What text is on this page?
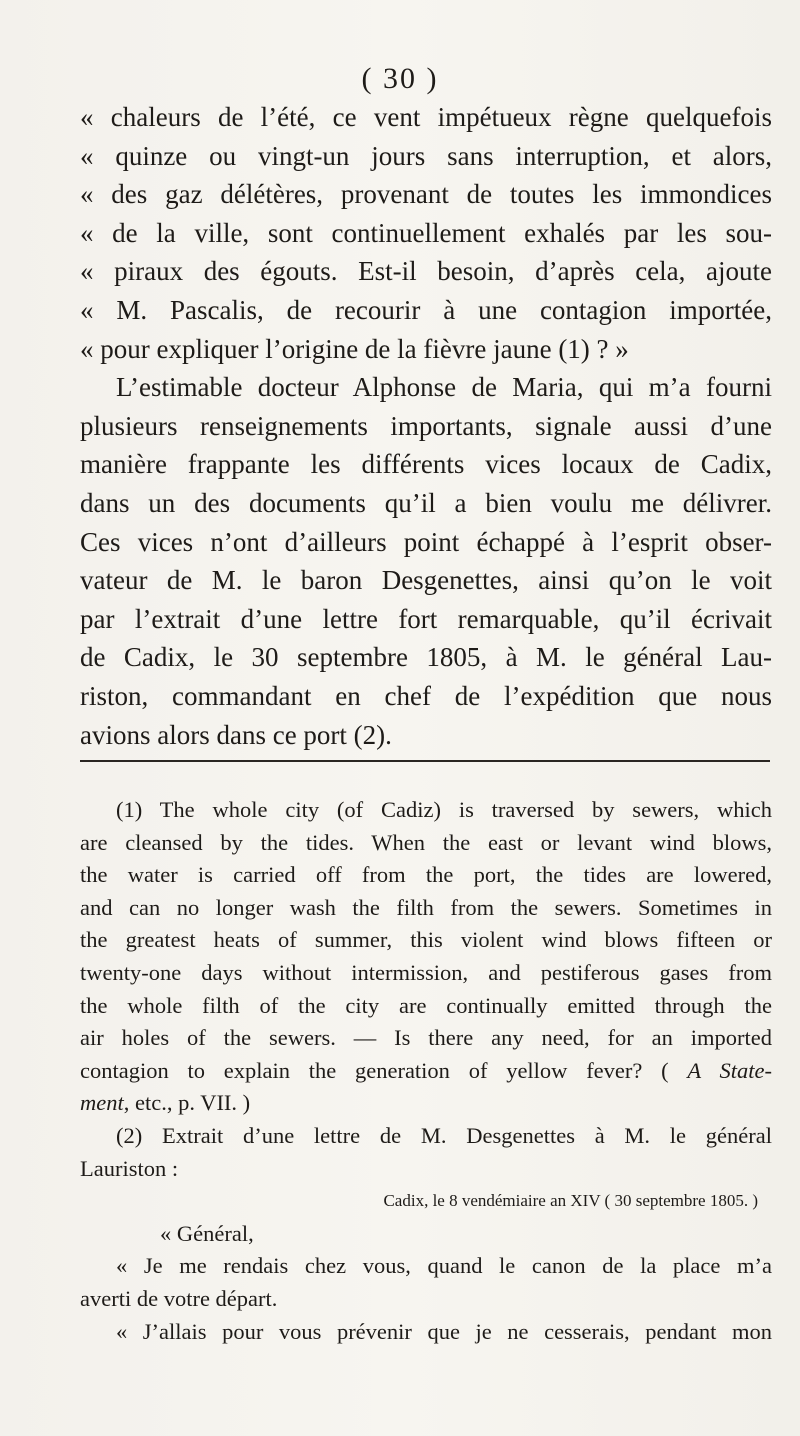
( 30 )
« chaleurs de l’été, ce vent impétueux règne quelquefois
« quinze ou vingt-un jours sans interruption, et alors,
« des gaz délétères, provenant de toutes les immondices
« de la ville, sont continuellement exhalés par les sou-
« piraux des égouts. Est-il besoin, d’après cela, ajoute
« M. Pascalis, de recourir à une contagion importée,
« pour expliquer l’origine de la fièvre jaune (1) ? »
L’estimable docteur Alphonse de Maria, qui m’a fourni
plusieurs renseignements importants, signale aussi d’une
manière frappante les différents vices locaux de Cadix,
dans un des documents qu’il a bien voulu me délivrer.
Ces vices n’ont d’ailleurs point échappé à l’esprit obser-
vateur de M. le baron Desgenettes, ainsi qu’on le voit
par l’extrait d’une lettre fort remarquable, qu’il écrivait
de Cadix, le 30 septembre 1805, à M. le général Lau-
riston, commandant en chef de l’expédition que nous
avions alors dans ce port (2).
(1) The whole city (of Cadiz) is traversed by sewers, which
are cleansed by the tides. When the east or levant wind blows,
the water is carried off from the port, the tides are lowered,
and can no longer wash the filth from the sewers. Sometimes in
the greatest heats of summer, this violent wind blows fifteen or
twenty-one days without intermission, and pestiferous gases from
the whole filth of the city are continually emitted through the
air holes of the sewers. — Is there any need, for an imported
contagion to explain the generation of yellow fever? ( A State-
ment, etc., p. VII. )
(2) Extrait d’une lettre de M. Desgenettes à M. le général
Lauriston :
Cadix, le 8 vendémiaire an XIV ( 30 septembre 1805. )
« Général,
« Je me rendais chez vous, quand le canon de la place m’a
averti de votre départ.
« J’allais pour vous prévenir que je ne cesserais, pendant mon
